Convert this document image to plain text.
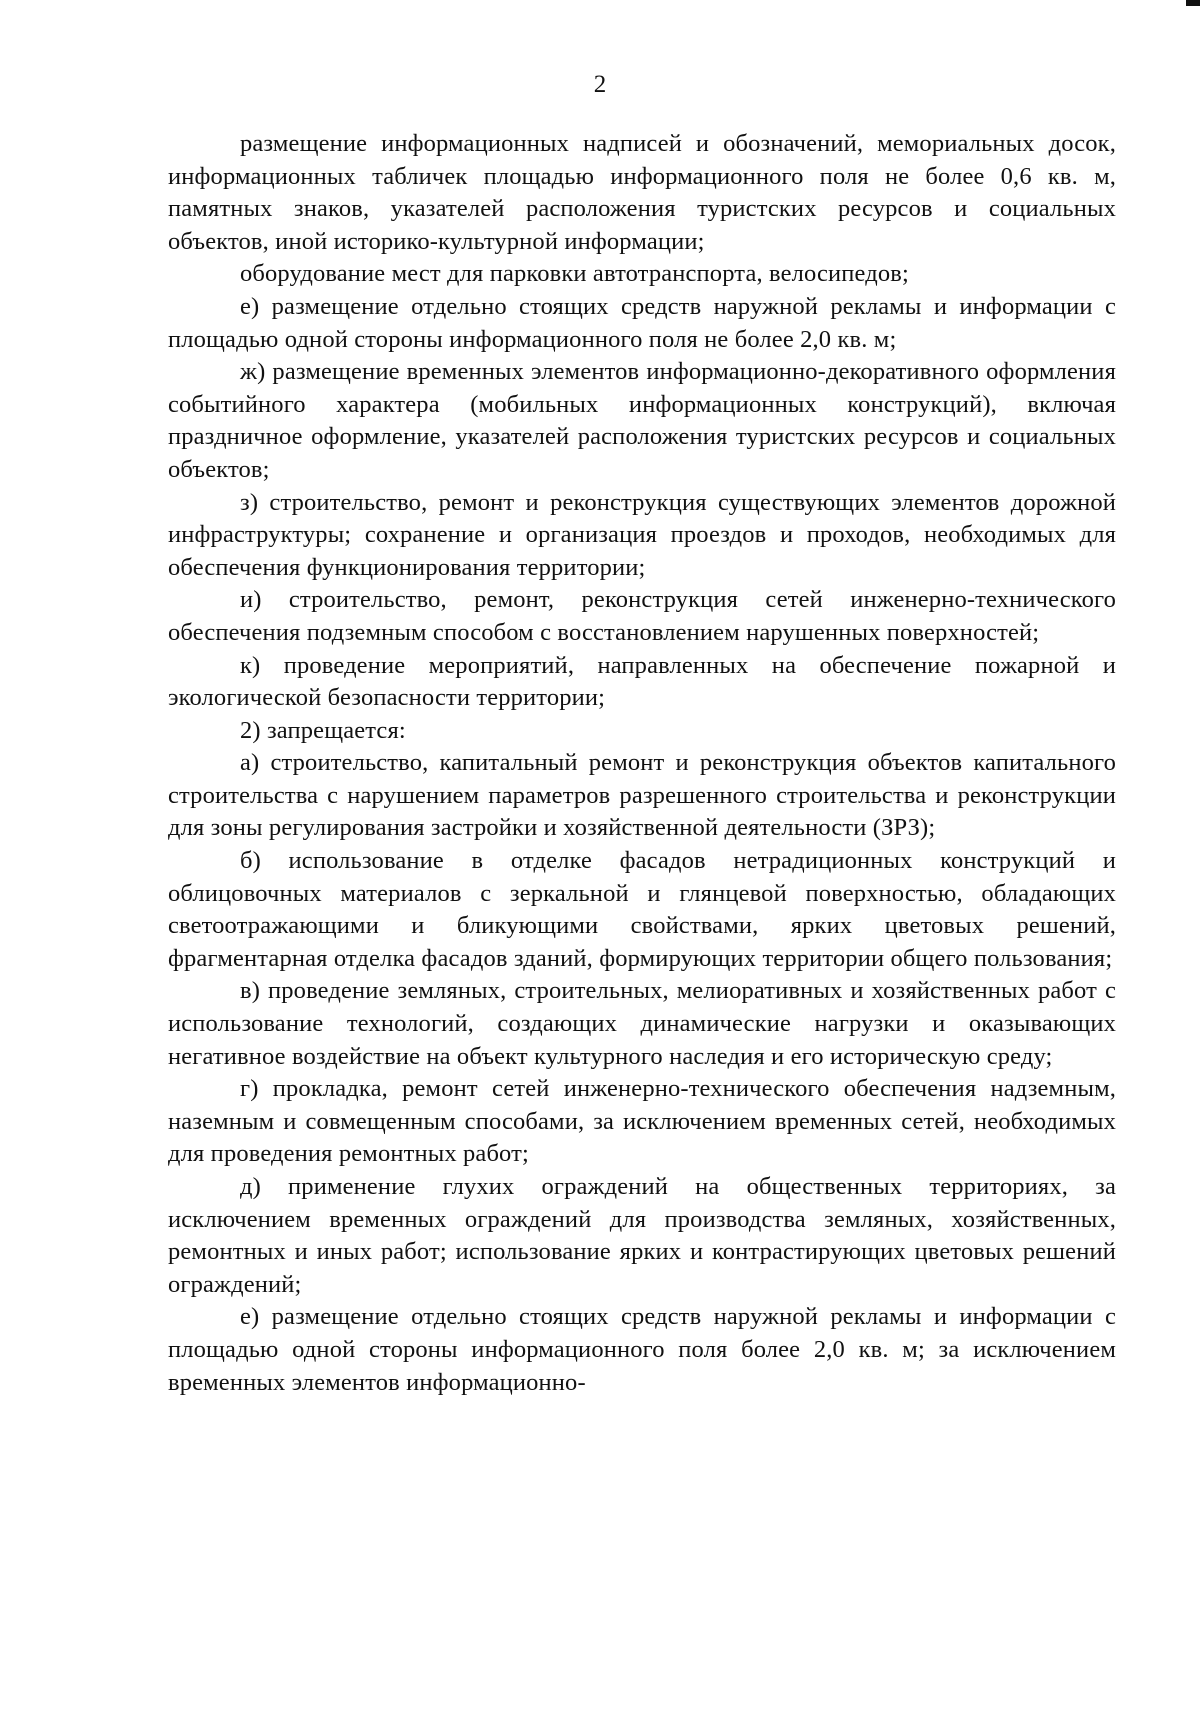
2

размещение информационных надписей и обозначений, мемориальных досок, информационных табличек площадью информационного поля не более 0,6 кв. м, памятных знаков, указателей расположения туристских ресурсов и социальных объектов, иной историко-культурной информации;

оборудование мест для парковки автотранспорта, велосипедов;

е) размещение отдельно стоящих средств наружной рекламы и информации с площадью одной стороны информационного поля не более 2,0 кв. м;

ж) размещение временных элементов информационно-декоративного оформления событийного характера (мобильных информационных конструкций), включая праздничное оформление, указателей расположения туристских ресурсов и социальных объектов;

з) строительство, ремонт и реконструкция существующих элементов дорожной инфраструктуры; сохранение и организация проездов и проходов, необходимых для обеспечения функционирования территории;

и) строительство, ремонт, реконструкция сетей инженерно-технического обеспечения подземным способом с восстановлением нарушенных поверхностей;

к) проведение мероприятий, направленных на обеспечение пожарной и экологической безопасности территории;

2) запрещается:

а) строительство, капитальный ремонт и реконструкция объектов капитального строительства с нарушением параметров разрешенного строительства и реконструкции для зоны регулирования застройки и хозяйственной деятельности (ЗРЗ);

б) использование в отделке фасадов нетрадиционных конструкций и облицовочных материалов с зеркальной и глянцевой поверхностью, обладающих светоотражающими и бликующими свойствами, ярких цветовых решений, фрагментарная отделка фасадов зданий, формирующих территории общего пользования;

в) проведение земляных, строительных, мелиоративных и хозяйственных работ с использование технологий, создающих динамические нагрузки и оказывающих негативное воздействие на объект культурного наследия и его историческую среду;

г) прокладка, ремонт сетей инженерно-технического обеспечения надземным, наземным и совмещенным способами, за исключением временных сетей, необходимых для проведения ремонтных работ;

д) применение глухих ограждений на общественных территориях, за исключением временных ограждений для производства земляных, хозяйственных, ремонтных и иных работ; использование ярких и контрастирующих цветовых решений ограждений;

е) размещение отдельно стоящих средств наружной рекламы и информации с площадью одной стороны информационного поля более 2,0 кв. м; за исключением временных элементов информационно-
